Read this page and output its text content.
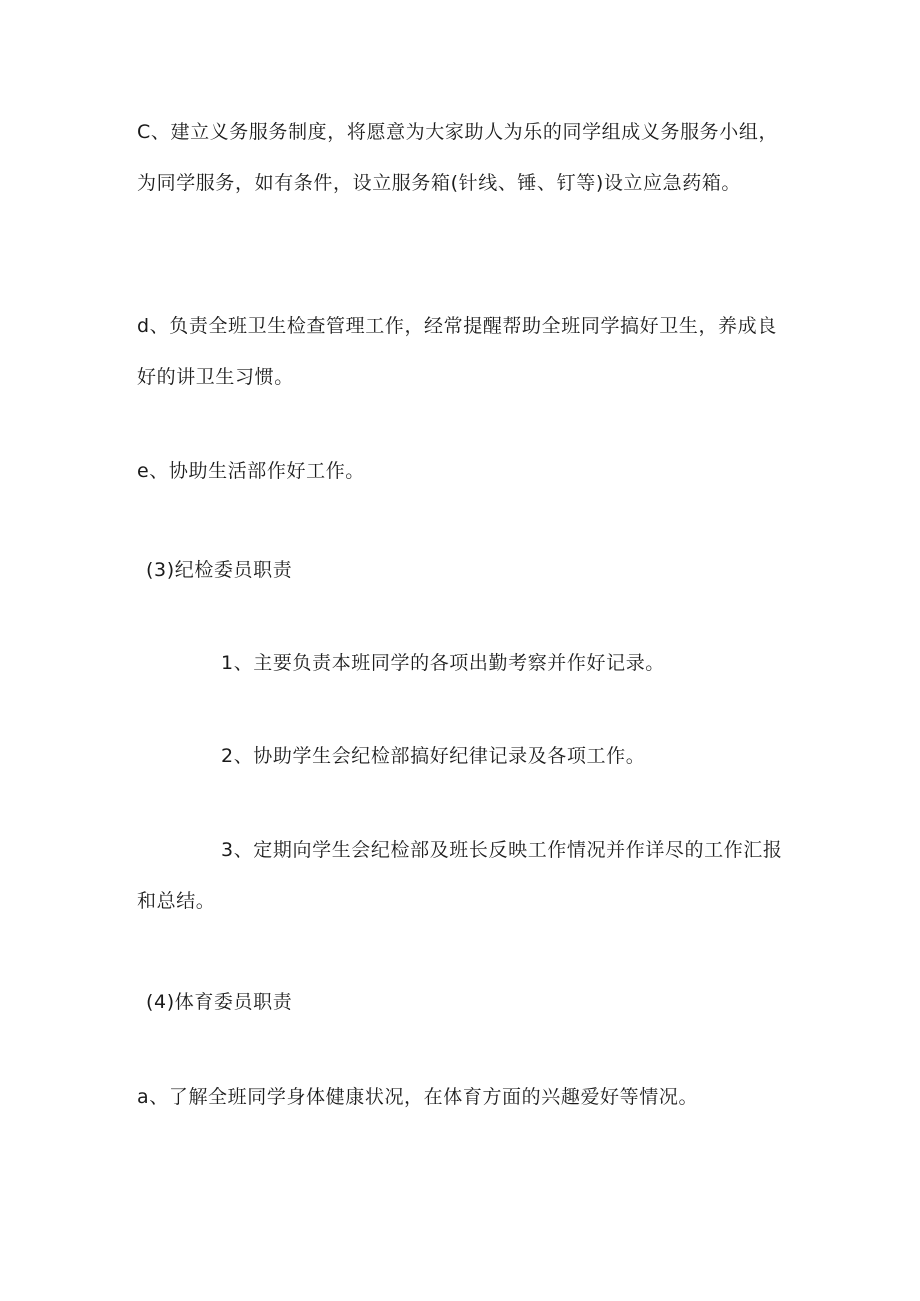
C、建立义务服务制度，将愿意为大家助人为乐的同学组成义务服务小组，为同学服务，如有条件，设立服务箱(针线、锤、钉等)设立应急药箱。

d、负责全班卫生检查管理工作，经常提醒帮助全班同学搞好卫生，养成良好的讲卫生习惯。

e、协助生活部作好工作。

(3)纪检委员职责

1、主要负责本班同学的各项出勤考察并作好记录。

2、协助学生会纪检部搞好纪律记录及各项工作。

3、定期向学生会纪检部及班长反映工作情况并作详尽的工作汇报和总结。

(4)体育委员职责

a、了解全班同学身体健康状况，在体育方面的兴趣爱好等情况。
